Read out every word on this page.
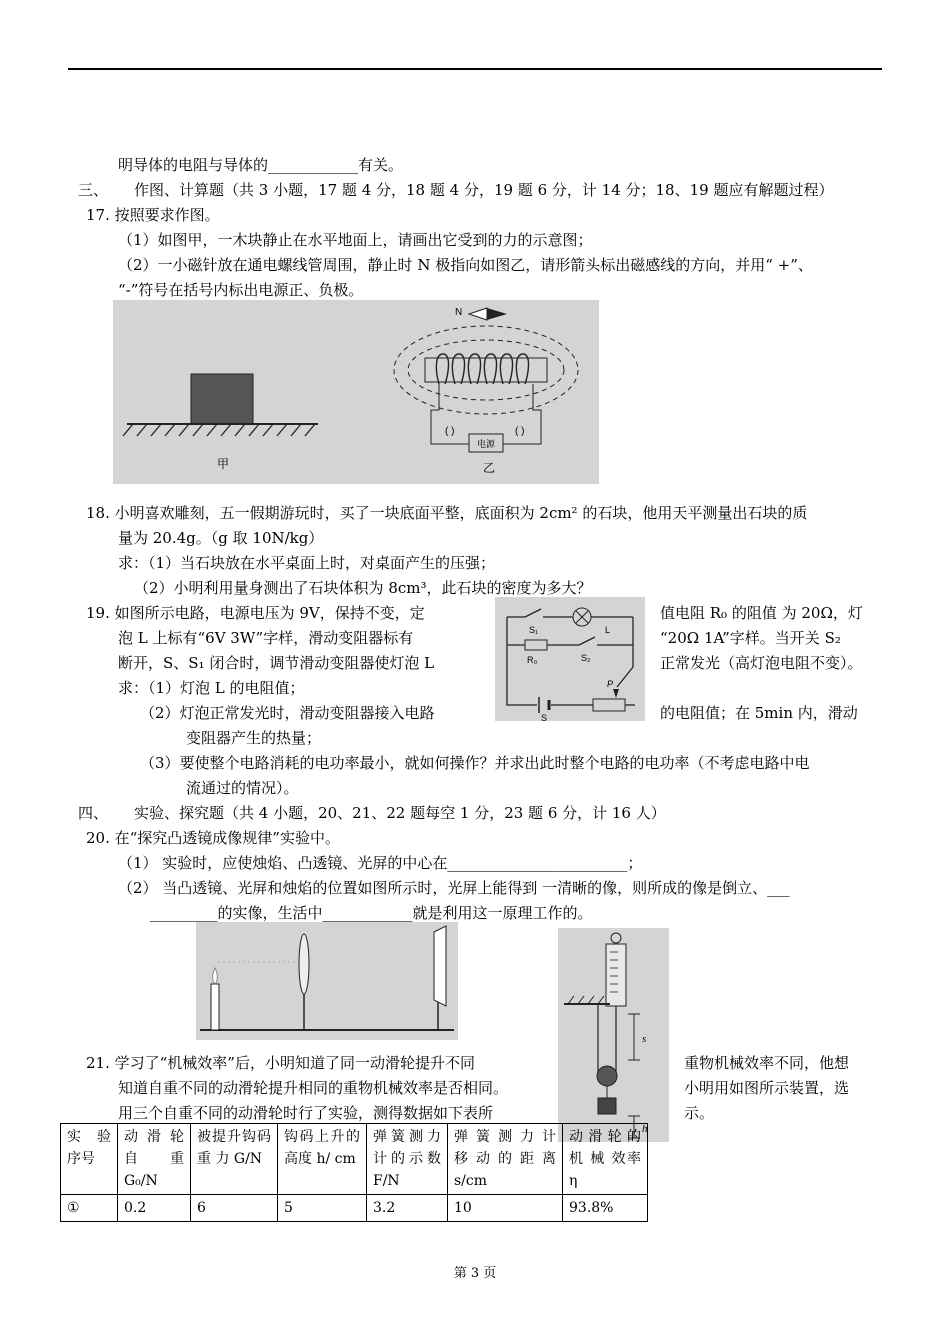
明导体的电阻与导体的____________有关。
三、 作图、计算题（共 3 小题，17 题 4 分，18 题 4 分，19 题 6 分，计 14 分；18、19 题应有解题过程）
17. 按照要求作图。
（1）如图甲，一木块静止在水平地面上，请画出它受到的力的示意图；
（2）一小磁针放在通电螺线管周围，静止时 N 极指向如图乙，请形箭头标出磁感线的方向，并用“ +”、
“-”符号在括号内标出电源正、负极。
甲
N
电源
( )	( )
乙
18. 小明喜欢雕刻，五一假期游玩时，买了一块底面平整，底面积为 2cm² 的石块，他用天平测量出石块的质
量为 20.4g。（g 取 10N/kg）
求：（1）当石块放在水平桌面上时，对桌面产生的压强；
（2）小明利用量身测出了石块体积为 8cm³，此石块的密度为多大？
19. 如图所示电路，电源电压为 9V，保持不变，定	值电阻 R₀ 的阻值 为 20Ω，灯
泡 L 上标有“6V 3W”字样，滑动变阻器标有	“20Ω 1A”字样。当开关 S₂
断开，S、S₁ 闭合时，调节滑动变阻器使灯泡 L	正常发光（高灯泡电阻不变）。
求：（1）灯泡 L 的电阻值；
（2）灯泡正常发光时，滑动变阻器接入电路	的电阻值；在 5min 内，滑动
变阻器产生的热量；
（3）要使整个电路消耗的电功率最小，就如何操作？并求出此时整个电路的电功率（不考虑电路中电
流通过的情况）。
S₁	L
R₀	S₂
P
S
四、 实验、探究题（共 4 小题，20、21、22 题每空 1 分，23 题 6 分，计 16 人）
20. 在“探究凸透镜成像规律”实验中。
（1） 实验时，应使烛焰、凸透镜、光屏的中心在________________________；
（2） 当凸透镜、光屏和烛焰的位置如图所示时，光屏上能得到 一清晰的像，则所成的像是倒立、___
_________的实像，生活中____________就是利用这一原理工作的。
s
h
21. 学习了“机械效率”后，小明知道了同一动滑轮提升不同	重物机械效率不同，他想
知道自重不同的动滑轮提升相同的重物机械效率是否相同。	小明用如图所示装置，选
用三个自重不同的动滑轮时行了实验，测得数据如下表所	示。
实 验 序号	动 滑 轮 自 重 G₀/N	被提升钩码 重 力 G/N	钩码上升的高度 h/ cm	弹簧测力计的示数 F/N	弹 簧 测 力 计 移动的距离 s/cm	动 滑 轮 的 机 械 效率 η
①	0.2	6	5	3.2	10	93.8%
第 3 页
